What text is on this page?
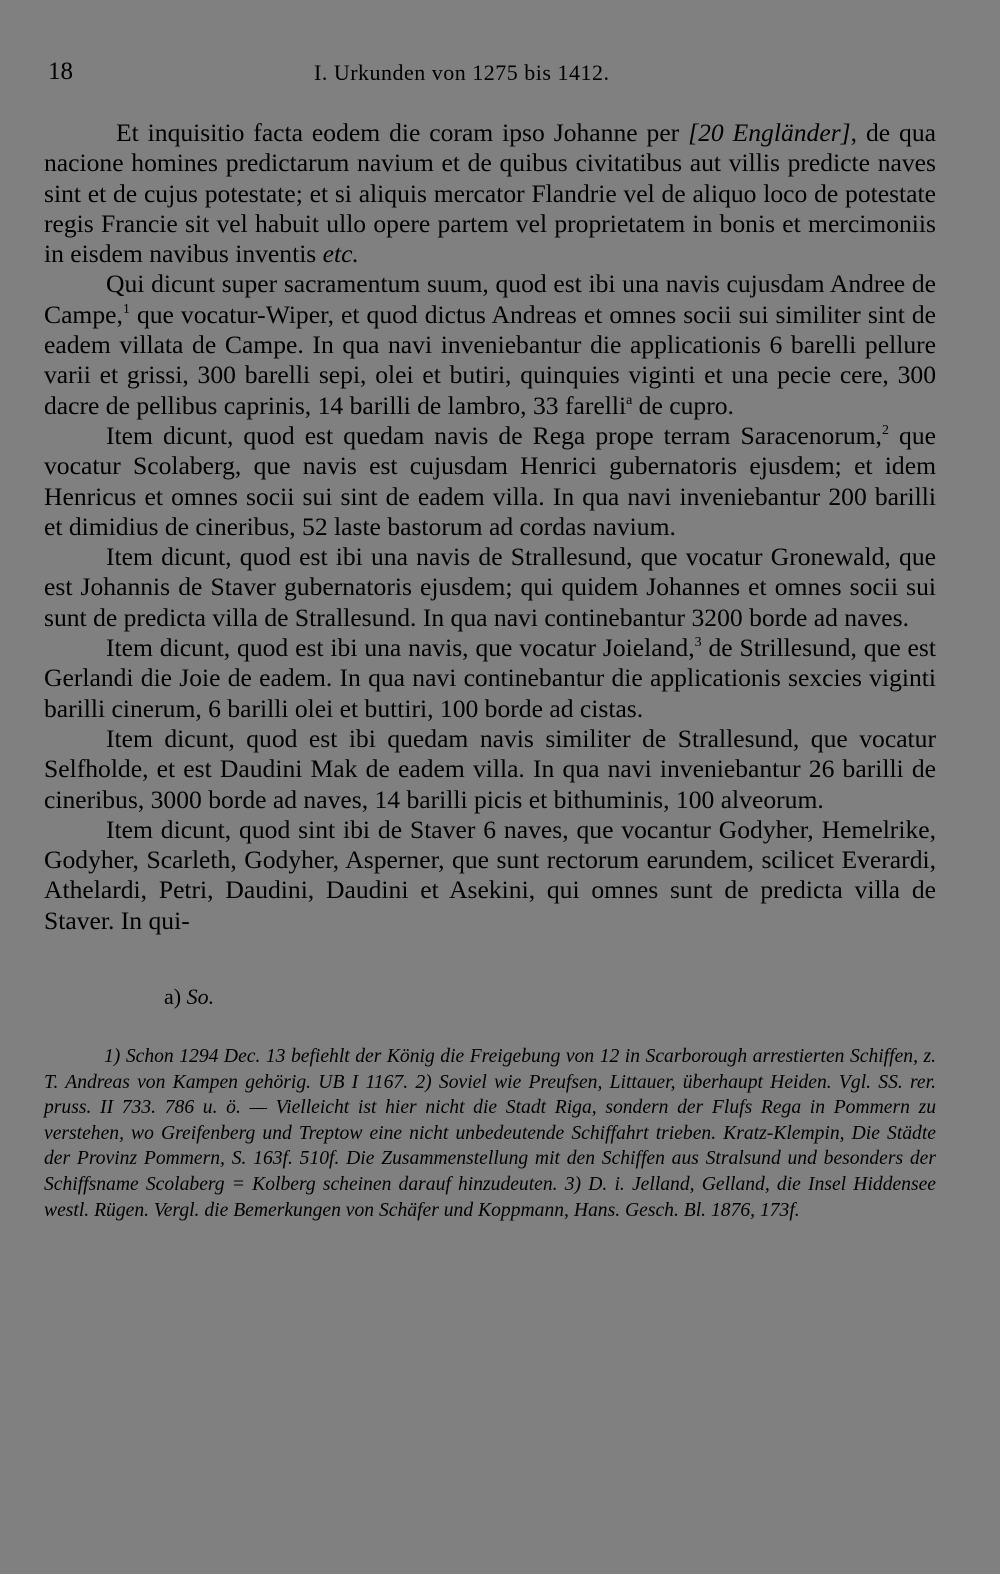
18	I. Urkunden von 1275 bis 1412.

Et inquisitio facta eodem die coram ipso Johanne per [20 Engländer], de qua nacione homines predictarum navium et de quibus civitatibus aut villis predicte naves sint et de cujus potestate; et si aliquis mercator Flandrie vel de aliquo loco de potestate regis Francie sit vel habuit ullo opere partem vel proprietatem in bonis et mercimoniis in eisdem navibus inventis etc.

Qui dicunt super sacramentum suum, quod est ibi una navis cujusdam Andree de Campe,$^1$ que vocatur-Wiper, et quod dictus Andreas et omnes socii sui similiter sint de eadem villata de Campe. In qua navi inveniebantur die applicationis 6 barelli pellure varii et grissi, 300 barelli sepi, olei et butiri, quinquies viginti et una pecie cere, 300 dacre de pellibus caprinis, 14 barilli de lambro, 33 farelli$^a$ de cupro.

Item dicunt, quod est quedam navis de Rega prope terram Saracenorum,$^2$ que vocatur Scolaberg, que navis est cujusdam Henrici gubernatoris ejusdem; et idem Henricus et omnes socii sui sint de eadem villa. In qua navi inveniebantur 200 barilli et dimidius de cineribus, 52 laste bastorum ad cordas navium.

Item dicunt, quod est ibi una navis de Strallesund, que vocatur Gronewald, que est Johannis de Staver gubernatoris ejusdem; qui quidem Johannes et omnes socii sui sunt de predicta villa de Strallesund. In qua navi continebantur 3200 borde ad naves.

Item dicunt, quod est ibi una navis, que vocatur Joieland,$^3$ de Strillesund, que est Gerlandi die Joie de eadem. In qua navi continebantur die applicationis sexcies viginti barilli cinerum, 6 barilli olei et buttiri, 100 borde ad cistas.

Item dicunt, quod est ibi quedam navis similiter de Strallesund, que vocatur Selfholde, et est Daudini Mak de eadem villa. In qua navi inveniebantur 26 barilli de cineribus, 3000 borde ad naves, 14 barilli picis et bithuminis, 100 alveorum.

Item dicunt, quod sint ibi de Staver 6 naves, que vocantur Godyher, Hemelrike, Godyher, Scarleth, Godyher, Asperner, que sunt rectorum earundem, scilicet Everardi, Athelardi, Petri, Daudini, Daudini et Asekini, qui omnes sunt de predicta villa de Staver. In qui-

a) So.

1) Schon 1294 Dec. 13 befiehlt der König die Freigebung von 12 in Scarborough arrestierten Schiffen, z. T. Andreas von Kampen gehörig. UB I 1167. 2) Soviel wie Preufsen, Littauer, überhaupt Heiden. Vgl. SS. rer. pruss. II 733. 786 u. ö. — Vielleicht ist hier nicht die Stadt Riga, sondern der Flufs Rega in Pommern zu verstehen, wo Greifenberg und Treptow eine nicht unbedeutende Schiffahrt trieben. Kratz-Klempin, Die Städte der Provinz Pommern, S. 163f. 510f. Die Zusammenstellung mit den Schiffen aus Stralsund und besonders der Schiffsname Scolaberg = Kolberg scheinen darauf hinzudeuten. 3) D. i. Jelland, Gelland, die Insel Hiddensee westl. Rügen. Vergl. die Bemerkungen von Schäfer und Koppmann, Hans. Gesch. Bl. 1876, 173f.
